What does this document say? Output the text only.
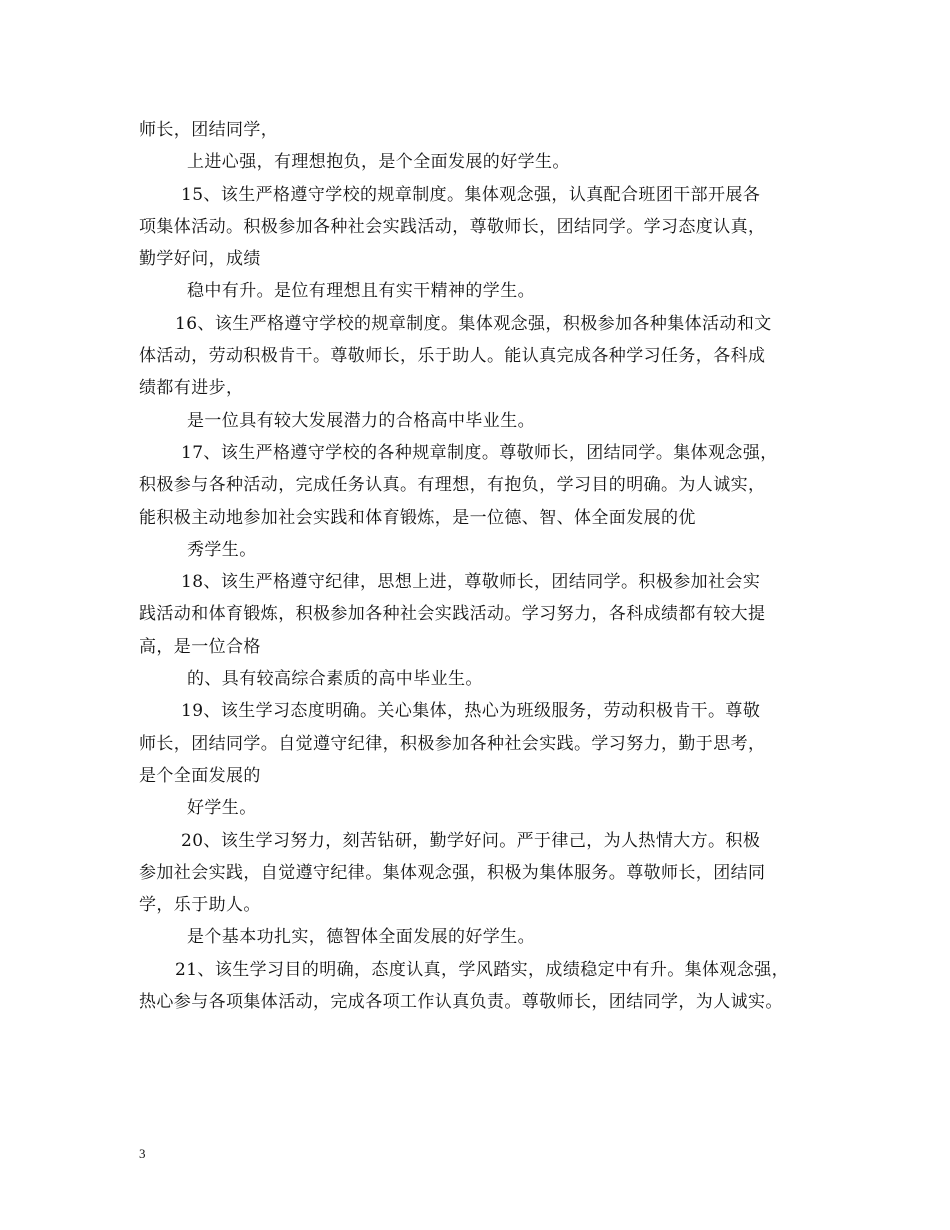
师长，团结同学，
上进心强，有理想抱负，是个全面发展的好学生。
15、该生严格遵守学校的规章制度。集体观念强，认真配合班团干部开展各
项集体活动。积极参加各种社会实践活动，尊敬师长，团结同学。学习态度认真，
勤学好问，成绩
稳中有升。是位有理想且有实干精神的学生。
16、该生严格遵守学校的规章制度。集体观念强，积极参加各种集体活动和文
体活动，劳动积极肯干。尊敬师长，乐于助人。能认真完成各种学习任务，各科成
绩都有进步，
是一位具有较大发展潜力的合格高中毕业生。
17、该生严格遵守学校的各种规章制度。尊敬师长，团结同学。集体观念强，
积极参与各种活动，完成任务认真。有理想，有抱负，学习目的明确。为人诚实，
能积极主动地参加社会实践和体育锻炼，是一位德、智、体全面发展的优
秀学生。
18、该生严格遵守纪律，思想上进，尊敬师长，团结同学。积极参加社会实
践活动和体育锻炼，积极参加各种社会实践活动。学习努力，各科成绩都有较大提
高，是一位合格
的、具有较高综合素质的高中毕业生。
19、该生学习态度明确。关心集体，热心为班级服务，劳动积极肯干。尊敬
师长，团结同学。自觉遵守纪律，积极参加各种社会实践。学习努力，勤于思考，
是个全面发展的
好学生。
20、该生学习努力，刻苦钻研，勤学好问。严于律己，为人热情大方。积极
参加社会实践，自觉遵守纪律。集体观念强，积极为集体服务。尊敬师长，团结同
学，乐于助人。
是个基本功扎实，德智体全面发展的好学生。
21、该生学习目的明确，态度认真，学风踏实，成绩稳定中有升。集体观念强，
热心参与各项集体活动，完成各项工作认真负责。尊敬师长，团结同学，为人诚实。
3
